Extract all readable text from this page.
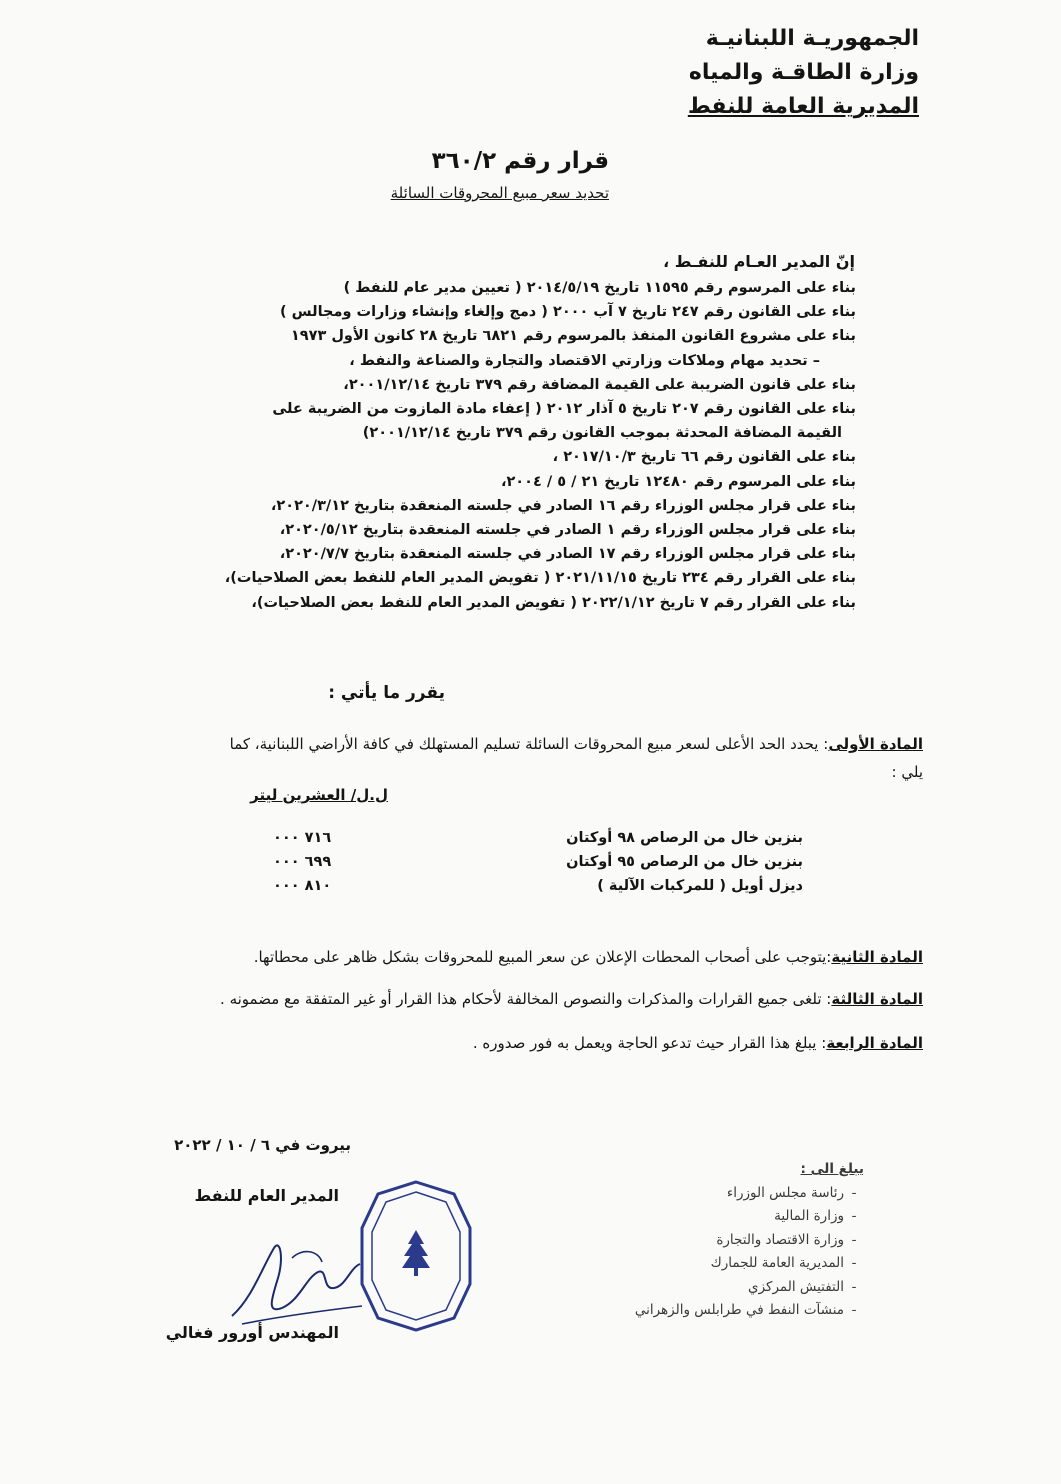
الجمهوريـة اللبنانيـة
وزارة الطاقـة والمياه
المديرية العامة للنفط
قرار رقم ٣٦٠/٢
تحديد سعر مبيع المحروقات السائلة
إنّ المدير العـام للنفـط ،
بناء على المرسوم رقم ١١٥٩٥ تاريخ ٢٠١٤/٥/١٩ ( تعيين مدير عام للنفط )
بناء على القانون رقم ٢٤٧ تاريخ ٧ آب ٢٠٠٠ ( دمج وإلغاء وإنشاء وزارات ومجالس )
بناء على مشروع القانون المنفذ بالمرسوم رقم ٦٨٢١ تاريخ ٢٨ كانون الأول ١٩٧٣
– تحديد مهام وملاكات وزارتي الاقتصاد والتجارة والصناعة والنفط ،
بناء على قانون الضريبة على القيمة المضافة رقم ٣٧٩ تاريخ ٢٠٠١/١٢/١٤،
بناء على القانون رقم ٢٠٧ تاريخ ٥ آذار ٢٠١٢ ( إعفاء مادة المازوت من الضريبة على
القيمة المضافة المحدثة بموجب القانون رقم ٣٧٩ تاريخ ٢٠٠١/١٢/١٤)
بناء على القانون رقم ٦٦ تاريخ ٢٠١٧/١٠/٣ ،
بناء على المرسوم رقم ١٢٤٨٠ تاريخ ٢١ / ٥ / ٢٠٠٤،
بناء على قرار مجلس الوزراء رقم ١٦ الصادر في جلسته المنعقدة بتاريخ ٢٠٢٠/٣/١٢،
بناء على قرار مجلس الوزراء رقم ١ الصادر في جلسته المنعقدة بتاريخ ٢٠٢٠/٥/١٢،
بناء على قرار مجلس الوزراء رقم ١٧ الصادر في جلسته المنعقدة بتاريخ ٢٠٢٠/٧/٧،
بناء على القرار رقم ٢٣٤ تاريخ ٢٠٢١/١١/١٥ ( تفويض المدير العام للنفط بعض الصلاحيات)،
بناء على القرار رقم ٧ تاريخ ٢٠٢٢/١/١٢ ( تفويض المدير العام للنفط بعض الصلاحيات)،
يقرر ما يأتي :
المادة الأولى: يحدد الحد الأعلى لسعر مبيع المحروقات السائلة تسليم المستهلك في كافة الأراضي اللبنانية، كما يلي :
ل.ل/ العشرين ليتر
بنزين خال من الرصاص ٩٨ أوكتان
٧١٦ ٠٠٠
بنزين خال من الرصاص ٩٥ أوكتان
٦٩٩ ٠٠٠
ديزل أويل ( للمركبات الآلية )
٨١٠ ٠٠٠
المادة الثانية:يتوجب على أصحاب المحطات الإعلان عن سعر المبيع للمحروقات بشكل ظاهر على محطاتها.
المادة الثالثة: تلغى جميع القرارات والمذكرات والنصوص المخالفة لأحكام هذا القرار أو غير المتفقة مع مضمونه .
المادة الرابعة: يبلغ هذا القرار حيث تدعو الحاجة ويعمل به فور صدوره .
بيروت في ٦ / ١٠ / ٢٠٢٢
المدير العام للنفط
المهندس أورور فغالي
يبلغ الى :
- رئاسة مجلس الوزراء
- وزارة المالية
- وزارة الاقتصاد والتجارة
- المديرية العامة للجمارك
- التفتيش المركزي
- منشآت النفط في طرابلس والزهراني
